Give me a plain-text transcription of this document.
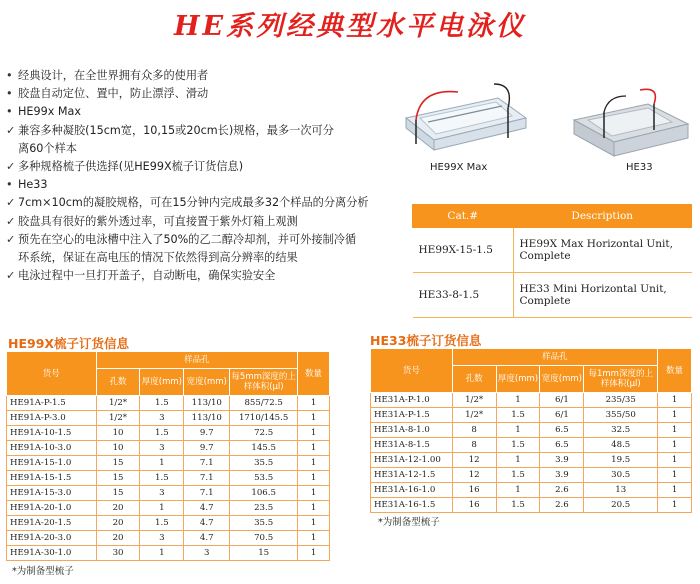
HE系列经典型水平电泳仪
• 经典设计，在全世界拥有众多的使用者
• 胶盘自动定位、置中，防止漂浮、滑动
• HE99x Max
✓ 兼容多种凝胶(15cm宽，10,15或20cm长)规格，最多一次可分
离60个样本
✓ 多种规格梳子供选择(见HE99X梳子订货信息)
• He33
✓ 7cm×10cm的凝胶规格，可在15分钟内完成最多32个样品的分离分析
✓ 胶盘具有很好的紫外透过率，可直接置于紫外灯箱上观测
✓ 预先在空心的电泳槽中注入了50%的乙二醇冷却剂，并可外接制冷循
环系统，保证在高电压的情况下依然得到高分辨率的结果
✓ 电泳过程中一旦打开盖子，自动断电，确保实验安全
HE99X Max	HE33
Cat.#	Description
HE99X-15-1.5	HE99X Max Horizontal Unit, Complete
HE33-8-1.5	HE33 Mini Horizontal Unit, Complete
HE99X梳子订货信息
货号	样品孔				数量
	孔数	厚度(mm)	宽度(mm)	每5mm深度的上样体积(μl)	
HE91A-P-1.5	1/2*	1.5	113/10	855/72.5	1
HE91A-P-3.0	1/2*	3	113/10	1710/145.5	1
HE91A-10-1.5	10	1.5	9.7	72.5	1
HE91A-10-3.0	10	3	9.7	145.5	1
HE91A-15-1.0	15	1	7.1	35.5	1
HE91A-15-1.5	15	1.5	7.1	53.5	1
HE91A-15-3.0	15	3	7.1	106.5	1
HE91A-20-1.0	20	1	4.7	23.5	1
HE91A-20-1.5	20	1.5	4.7	35.5	1
HE91A-20-3.0	20	3	4.7	70.5	1
HE91A-30-1.0	30	1	3	15	1
*为制备型梳子
HE33梳子订货信息
货号	样品孔				数量
	孔数	厚度(mm)	宽度(mm)	每1mm深度的上样体积(μl)	
HE31A-P-1.0	1/2*	1	6/1	235/35	1
HE31A-P-1.5	1/2*	1.5	6/1	355/50	1
HE31A-8-1.0	8	1	6.5	32.5	1
HE31A-8-1.5	8	1.5	6.5	48.5	1
HE31A-12-1.00	12	1	3.9	19.5	1
HE31A-12-1.5	12	1.5	3.9	30.5	1
HE31A-16-1.0	16	1	2.6	13	1
HE31A-16-1.5	16	1.5	2.6	20.5	1
*为制备型梳子
